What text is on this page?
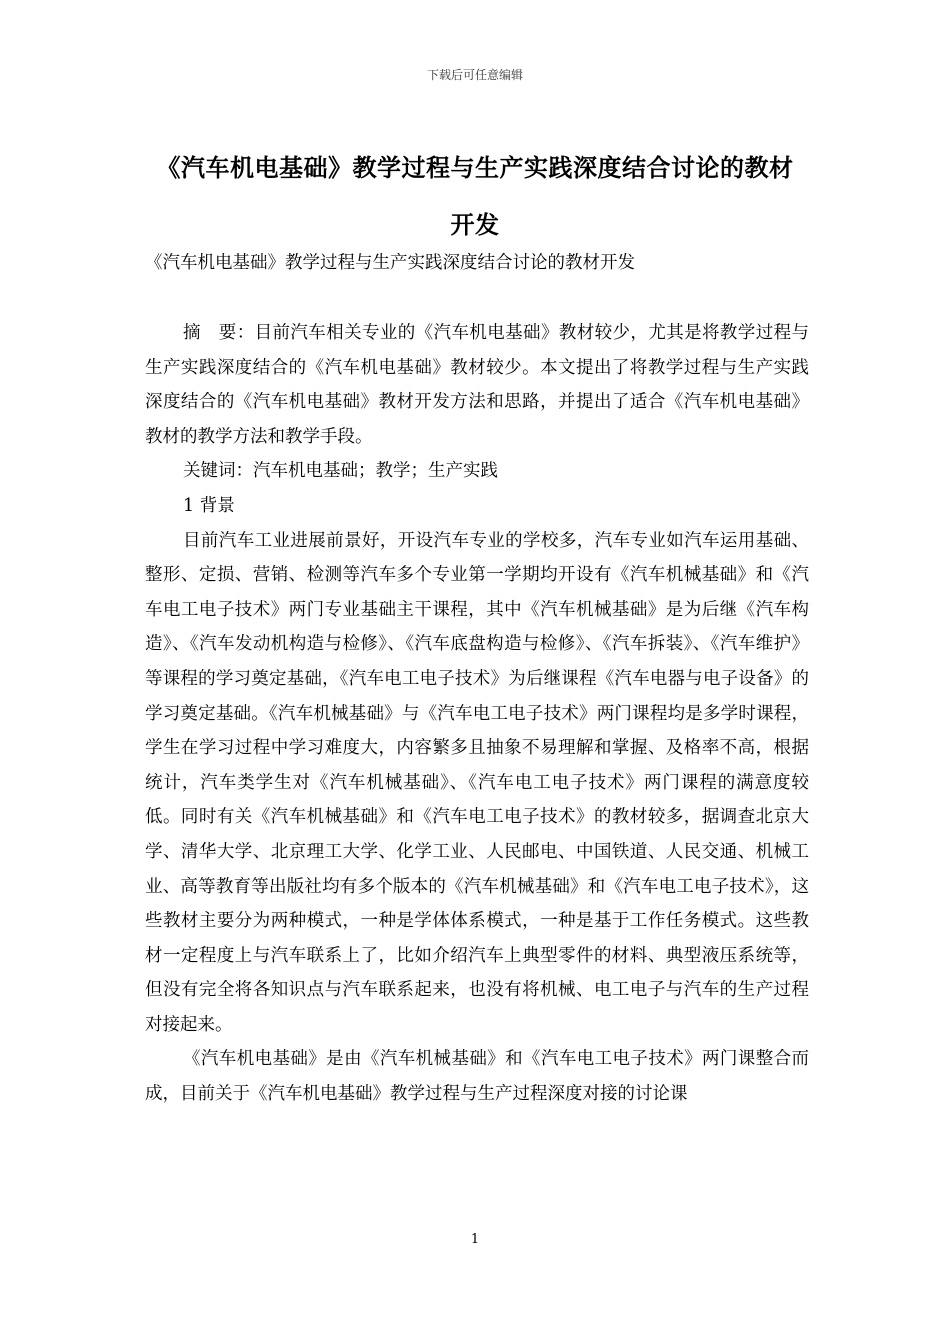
下载后可任意编辑
《汽车机电基础》教学过程与生产实践深度结合讨论的教材开发
《汽车机电基础》教学过程与生产实践深度结合讨论的教材开发

摘　要：目前汽车相关专业的《汽车机电基础》教材较少，尤其是将教学过程与生产实践深度结合的《汽车机电基础》教材较少。本文提出了将教学过程与生产实践深度结合的《汽车机电基础》教材开发方法和思路，并提出了适合《汽车机电基础》教材的教学方法和教学手段。

关键词：汽车机电基础；教学；生产实践

1 背景

目前汽车工业进展前景好，开设汽车专业的学校多，汽车专业如汽车运用基础、整形、定损、营销、检测等汽车多个专业第一学期均开设有《汽车机械基础》和《汽车电工电子技术》两门专业基础主干课程，其中《汽车机械基础》是为后继《汽车构造》、《汽车发动机构造与检修》、《汽车底盘构造与检修》、《汽车拆装》、《汽车维护》等课程的学习奠定基础，《汽车电工电子技术》为后继课程《汽车电器与电子设备》的学习奠定基础。《汽车机械基础》与《汽车电工电子技术》两门课程均是多学时课程，学生在学习过程中学习难度大，内容繁多且抽象不易理解和掌握、及格率不高，根据统计，汽车类学生对《汽车机械基础》、《汽车电工电子技术》两门课程的满意度较低。同时有关《汽车机械基础》和《汽车电工电子技术》的教材较多，据调查北京大学、清华大学、北京理工大学、化学工业、人民邮电、中国铁道、人民交通、机械工业、高等教育等出版社均有多个版本的《汽车机械基础》和《汽车电工电子技术》，这些教材主要分为两种模式，一种是学体体系模式，一种是基于工作任务模式。这些教材一定程度上与汽车联系上了，比如介绍汽车上典型零件的材料、典型液压系统等，但没有完全将各知识点与汽车联系起来，也没有将机械、电工电子与汽车的生产过程对接起来。

《汽车机电基础》是由《汽车机械基础》和《汽车电工电子技术》两门课整合而成，目前关于《汽车机电基础》教学过程与生产过程深度对接的讨论课

1
